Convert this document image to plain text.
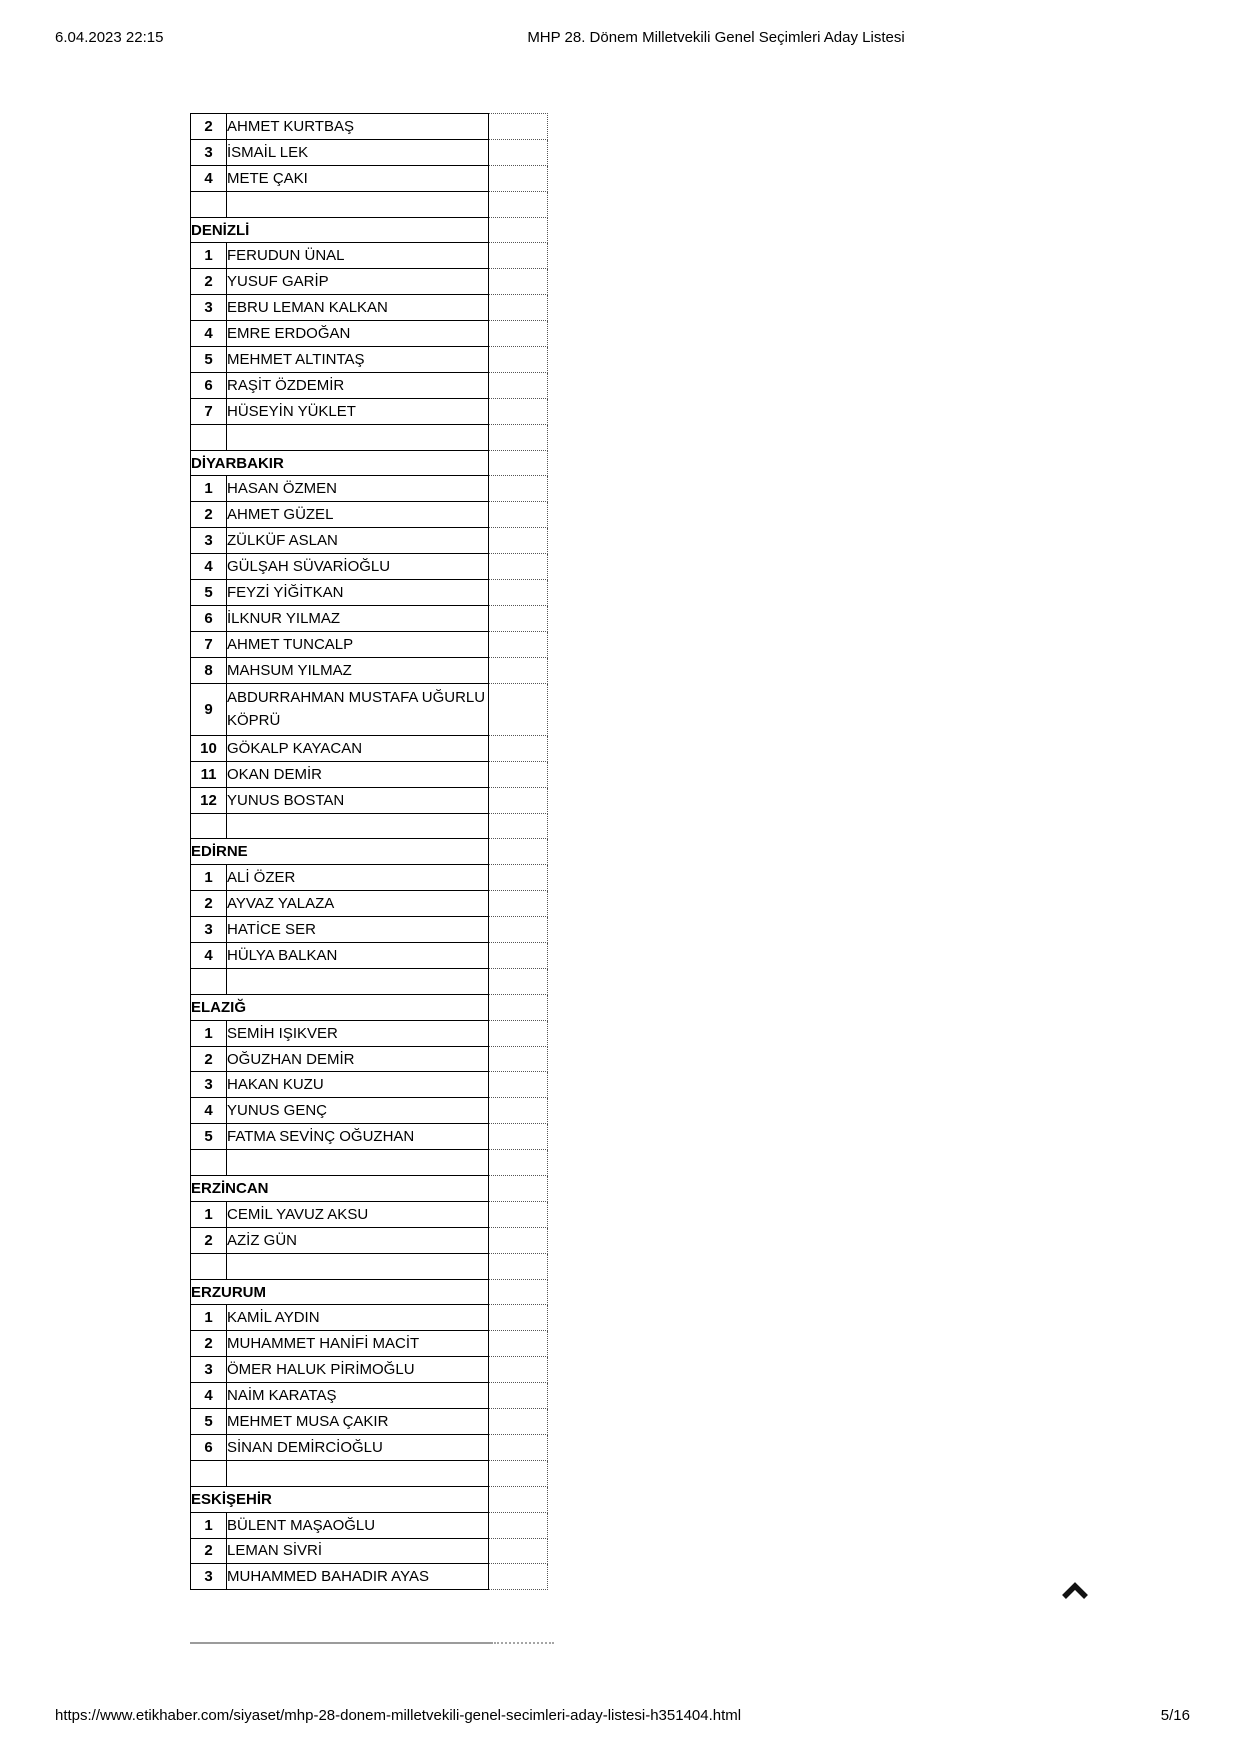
6.04.2023 22:15	MHP 28. Dönem Milletvekili Genel Seçimleri Aday Listesi
2	AHMET KURTBAŞ	
3	İSMAİL LEK	
4	METE ÇAKI	

DENİZLİ		
1	FERUDUN ÜNAL	
2	YUSUF GARİP	
3	EBRU LEMAN KALKAN	
4	EMRE ERDOĞAN	
5	MEHMET ALTINTAŞ	
6	RAŞİT ÖZDEMİR	
7	HÜSEYİN YÜKLET	

DİYARBAKIR		
1	HASAN ÖZMEN	
2	AHMET GÜZEL	
3	ZÜLKÜF ASLAN	
4	GÜLŞAH SÜVARİOĞLU	
5	FEYZİ YİĞİTKAN	
6	İLKNUR YILMAZ	
7	AHMET TUNCALP	
8	MAHSUM YILMAZ	
9	ABDURRAHMAN MUSTAFA UĞURLU KÖPRÜ	
10	GÖKALP KAYACAN	
11	OKAN DEMİR	
12	YUNUS BOSTAN	

EDİRNE		
1	ALİ ÖZER	
2	AYVAZ YALAZA	
3	HATİCE SER	
4	HÜLYA BALKAN	

ELAZIĞ		
1	SEMİH IŞIKVER	
2	OĞUZHAN DEMİR	
3	HAKAN KUZU	
4	YUNUS GENÇ	
5	FATMA SEVİNÇ OĞUZHAN	

ERZİNCAN		
1	CEMİL YAVUZ AKSU	
2	AZİZ GÜN	

ERZURUM		
1	KAMİL AYDIN	
2	MUHAMMET HANİFİ MACİT	
3	ÖMER HALUK PİRİMOĞLU	
4	NAİM KARATAŞ	
5	MEHMET MUSA ÇAKIR	
6	SİNAN DEMİRCİOĞLU	

ESKİŞEHİR		
1	BÜLENT MAŞAOĞLU	
2	LEMAN SİVRİ	
3	MUHAMMED BAHADIR AYAS	
https://www.etikhaber.com/siyaset/mhp-28-donem-milletvekili-genel-secimleri-aday-listesi-h351404.html	5/16
